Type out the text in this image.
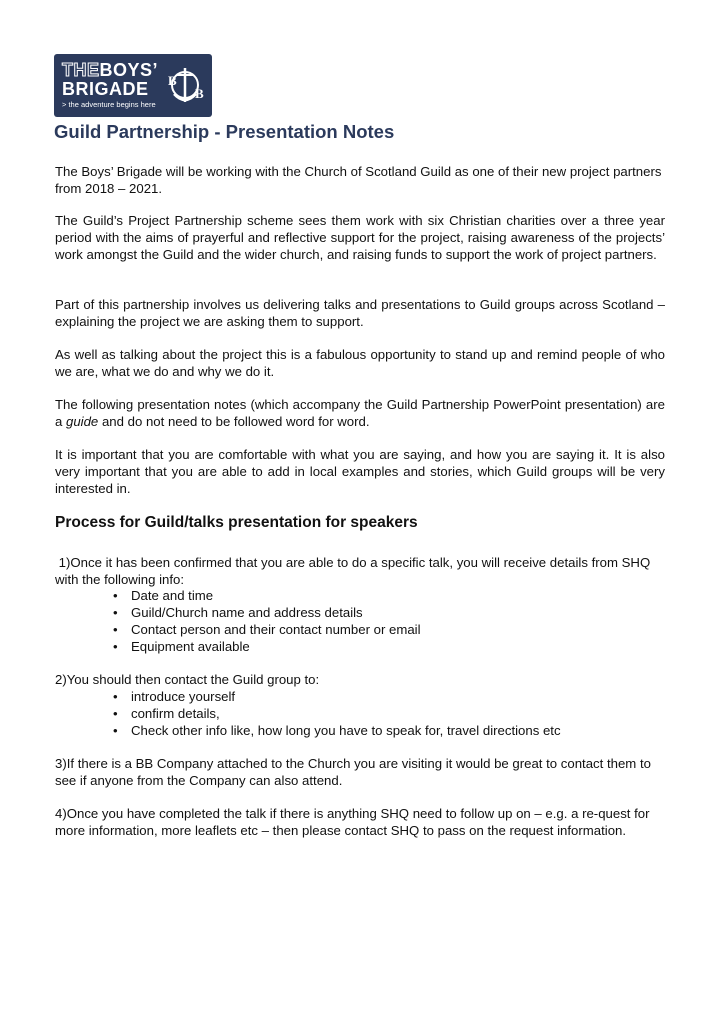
THEBOYS’
BRIGADE
> the adventure begins here
B
B
Guild Partnership - Presentation Notes

The Boys’ Brigade will be working with the Church of Scotland Guild as one of their new project partners from 2018 – 2021.

The Guild’s Project Partnership scheme sees them work with six Christian charities over a three year period with the aims of prayerful and reflective support for the project, raising awareness of the projects’ work amongst the Guild and the wider church, and raising funds to support the work of project partners.

Part of this partnership involves us delivering talks and presentations to Guild groups across Scotland – explaining the project we are asking them to support.

As well as talking about the project this is a fabulous opportunity to stand up and remind people of who we are, what we do and why we do it.

The following presentation notes (which accompany the Guild Partnership PowerPoint presentation) are a guide and do not need to be followed word for word.

It is important that you are comfortable with what you are saying, and how you are saying it. It is also very important that you are able to add in local examples and stories, which Guild groups will be very interested in.

Process for Guild/talks presentation for speakers

1)Once it has been confirmed that you are able to do a specific talk, you will receive details from SHQ with the following info:

• Date and time
• Guild/Church name and address details
• Contact person and their contact number or email
• Equipment available

2)You should then contact the Guild group to:

• introduce yourself
• confirm details,
• Check other info like, how long you have to speak for, travel directions etc

3)If there is a BB Company attached to the Church you are visiting it would be great to contact them to see if anyone from the Company can also attend.

4)Once you have completed the talk if there is anything SHQ need to follow up on – e.g. a re-quest for more information, more leaflets etc – then please contact SHQ to pass on the request information.
